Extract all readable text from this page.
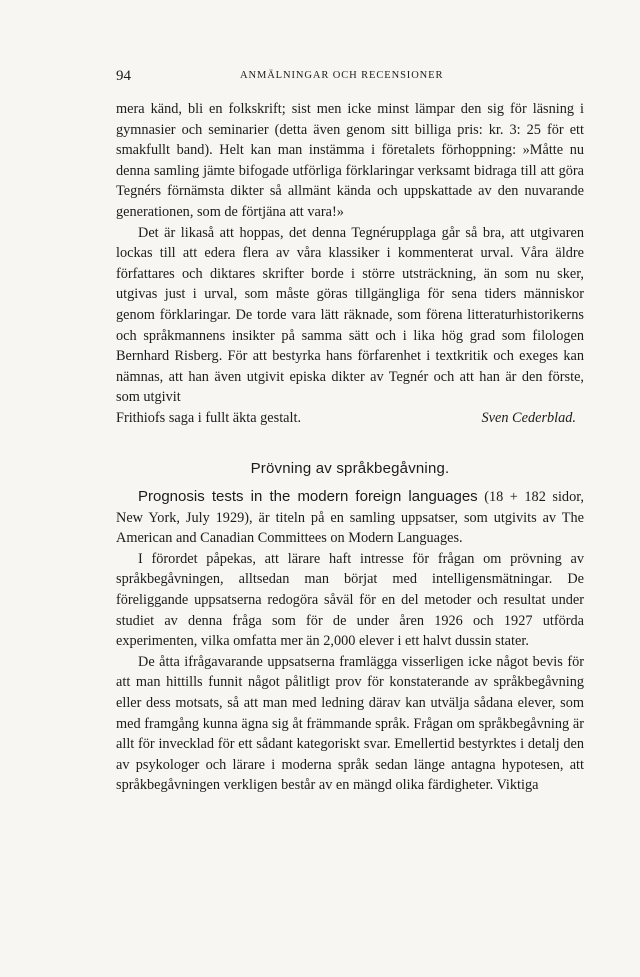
94	ANMÄLNINGAR OCH RECENSIONER

mera känd, bli en folkskrift; sist men icke minst lämpar den sig för läsning i gymnasier och seminarier (detta även genom sitt billiga pris: kr. 3: 25 för ett smakfullt band). Helt kan man instämma i företalets förhoppning: »Måtte nu denna samling jämte bifogade utförliga förklaringar verksamt bidraga till att göra Tegnérs förnämsta dikter så allmänt kända och uppskattade av den nuvarande generationen, som de förtjäna att vara!»

Det är likaså att hoppas, det denna Tegnérupplaga går så bra, att utgivaren lockas till att edera flera av våra klassiker i kommenterat urval. Våra äldre författares och diktares skrifter borde i större utsträckning, än som nu sker, utgivas just i urval, som måste göras tillgängliga för sena tiders människor genom förklaringar. De torde vara lätt räknade, som förena litteraturhistorikerns och språkmannens insikter på samma sätt och i lika hög grad som filologen Bernhard Risberg. För att bestyrka hans förfarenhet i textkritik och exeges kan nämnas, att han även utgivit episka dikter av Tegnér och att han är den förste, som utgivit

Frithiofs saga i fullt äkta gestalt.	Sven Cederblad.
Prövning av språkbegåvning.

Prognosis tests in the modern foreign languages (18 + 182 sidor, New York, July 1929), är titeln på en samling uppsatser, som utgivits av The American and Canadian Committees on Modern Languages.

I förordet påpekas, att lärare haft intresse för frågan om prövning av språkbegåvningen, alltsedan man börjat med intelligensmätningar. De föreliggande uppsatserna redogöra såväl för en del metoder och resultat under studiet av denna fråga som för de under åren 1926 och 1927 utförda experimenten, vilka omfatta mer än 2,000 elever i ett halvt dussin stater.

De åtta ifrågavarande uppsatserna framlägga visserligen icke något bevis för att man hittills funnit något pålitligt prov för konstaterande av språkbegåvning eller dess motsats, så att man med ledning därav kan utvälja sådana elever, som med framgång kunna ägna sig åt främmande språk. Frågan om språkbegåvning är allt för invecklad för ett sådant kategoriskt svar. Emellertid bestyrktes i detalj den av psykologer och lärare i moderna språk sedan länge antagna hypotesen, att språkbegåvningen verkligen består av en mängd olika färdigheter. Viktiga
